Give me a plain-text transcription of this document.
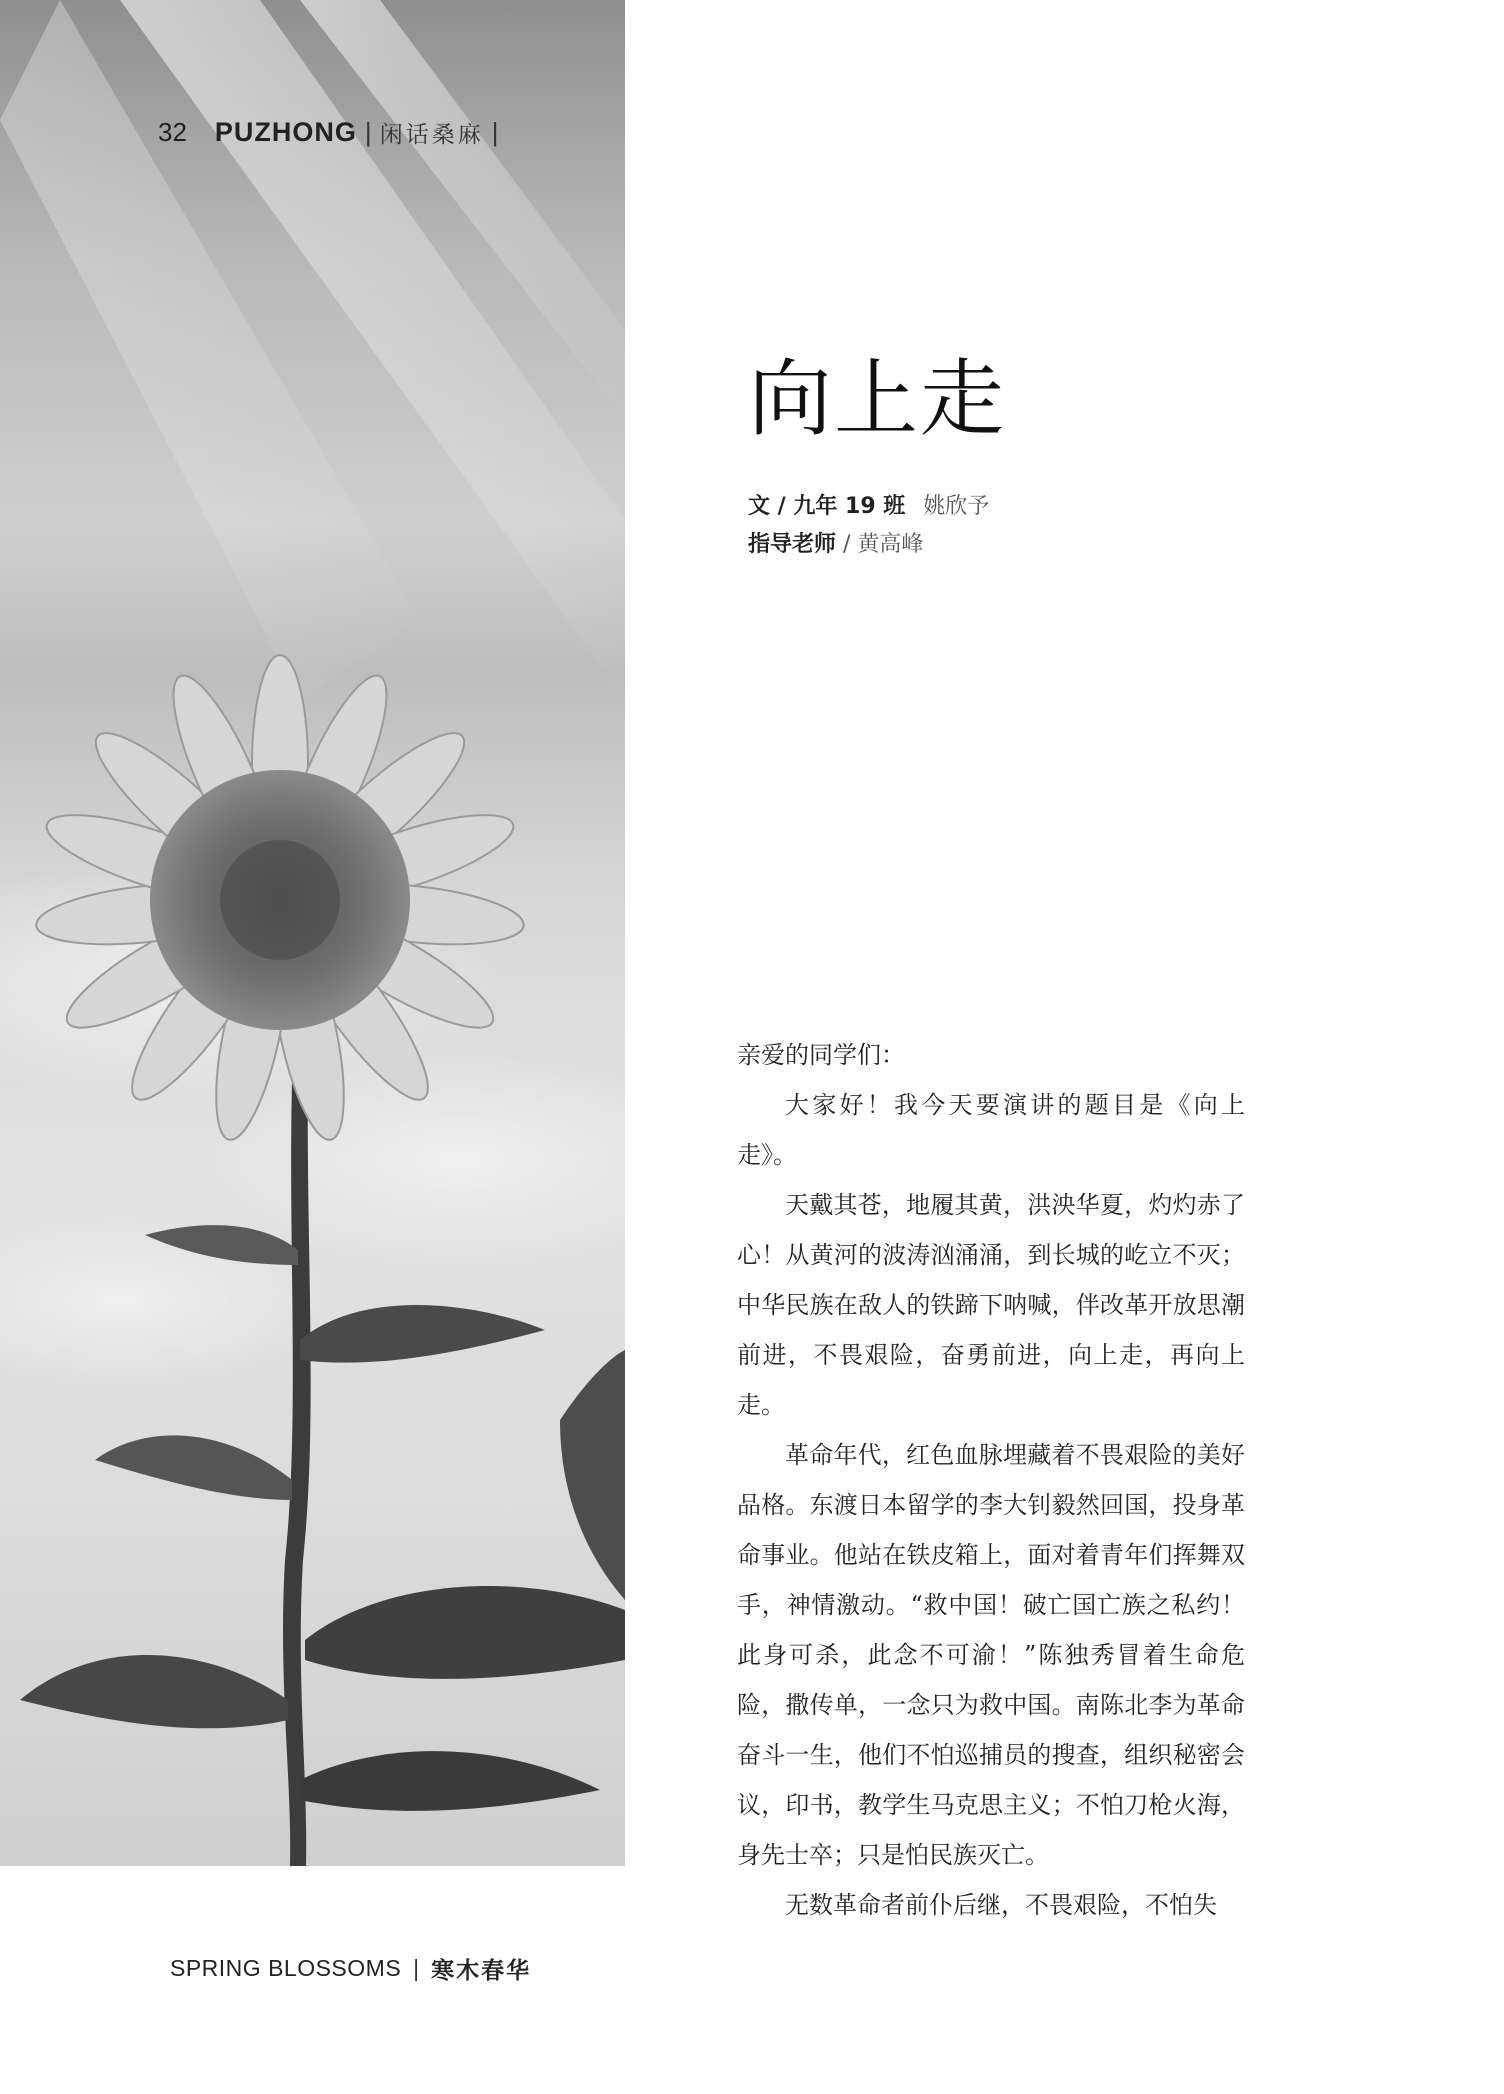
32 PUZHONG | 闲话桑麻 |
向上走
文 / 九年 19 班 姚欣予
指导老师 / 黄高峰

亲爱的同学们：

大家好！我今天要演讲的题目是《向上走》。

天戴其苍，地履其黄，洪泱华夏，灼灼赤了心！从黄河的波涛汹涌涌，到长城的屹立不灭；中华民族在敌人的铁蹄下呐喊，伴改革开放思潮前进，不畏艰险，奋勇前进，向上走，再向上走。

革命年代，红色血脉埋藏着不畏艰险的美好品格。东渡日本留学的李大钊毅然回国，投身革命事业。他站在铁皮箱上，面对着青年们挥舞双手，神情激动。“救中国！破亡国亡族之私约！此身可杀，此念不可渝！”陈独秀冒着生命危险，撒传单，一念只为救中国。南陈北李为革命奋斗一生，他们不怕巡捕员的搜查，组织秘密会议，印书，教学生马克思主义；不怕刀枪火海，身先士卒；只是怕民族灭亡。

无数革命者前仆后继，不畏艰险，不怕失

SPRING BLOSSOMS | 寒木春华
